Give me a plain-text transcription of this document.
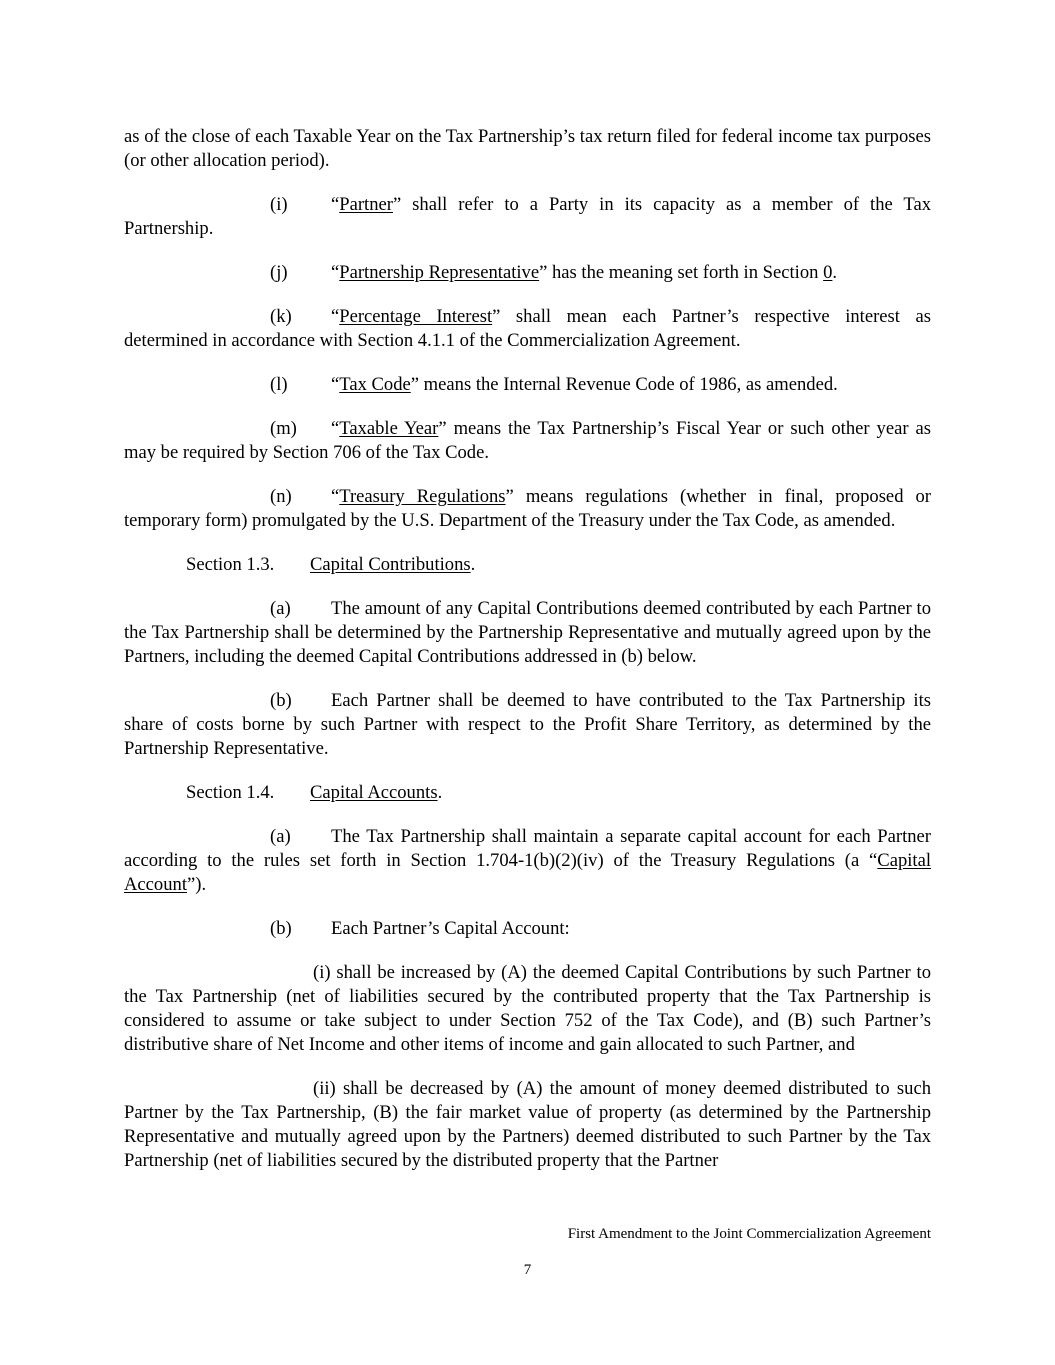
as of the close of each Taxable Year on the Tax Partnership’s tax return filed for federal income tax purposes (or other allocation period).

(i) “Partner” shall refer to a Party in its capacity as a member of the Tax Partnership.

(j) “Partnership Representative” has the meaning set forth in Section 0.

(k) “Percentage Interest” shall mean each Partner’s respective interest as determined in accordance with Section 4.1.1 of the Commercialization Agreement.

(l) “Tax Code” means the Internal Revenue Code of 1986, as amended.

(m) “Taxable Year” means the Tax Partnership’s Fiscal Year or such other year as may be required by Section 706 of the Tax Code.

(n) “Treasury Regulations” means regulations (whether in final, proposed or temporary form) promulgated by the U.S. Department of the Treasury under the Tax Code, as amended.

Section 1.3. Capital Contributions.

(a) The amount of any Capital Contributions deemed contributed by each Partner to the Tax Partnership shall be determined by the Partnership Representative and mutually agreed upon by the Partners, including the deemed Capital Contributions addressed in (b) below.

(b) Each Partner shall be deemed to have contributed to the Tax Partnership its share of costs borne by such Partner with respect to the Profit Share Territory, as determined by the Partnership Representative.

Section 1.4. Capital Accounts.

(a) The Tax Partnership shall maintain a separate capital account for each Partner according to the rules set forth in Section 1.704-1(b)(2)(iv) of the Treasury Regulations (a “Capital Account”).

(b) Each Partner’s Capital Account:

(i) shall be increased by (A) the deemed Capital Contributions by such Partner to the Tax Partnership (net of liabilities secured by the contributed property that the Tax Partnership is considered to assume or take subject to under Section 752 of the Tax Code), and (B) such Partner’s distributive share of Net Income and other items of income and gain allocated to such Partner, and

(ii) shall be decreased by (A) the amount of money deemed distributed to such Partner by the Tax Partnership, (B) the fair market value of property (as determined by the Partnership Representative and mutually agreed upon by the Partners) deemed distributed to such Partner by the Tax Partnership (net of liabilities secured by the distributed property that the Partner

First Amendment to the Joint Commercialization Agreement
7
